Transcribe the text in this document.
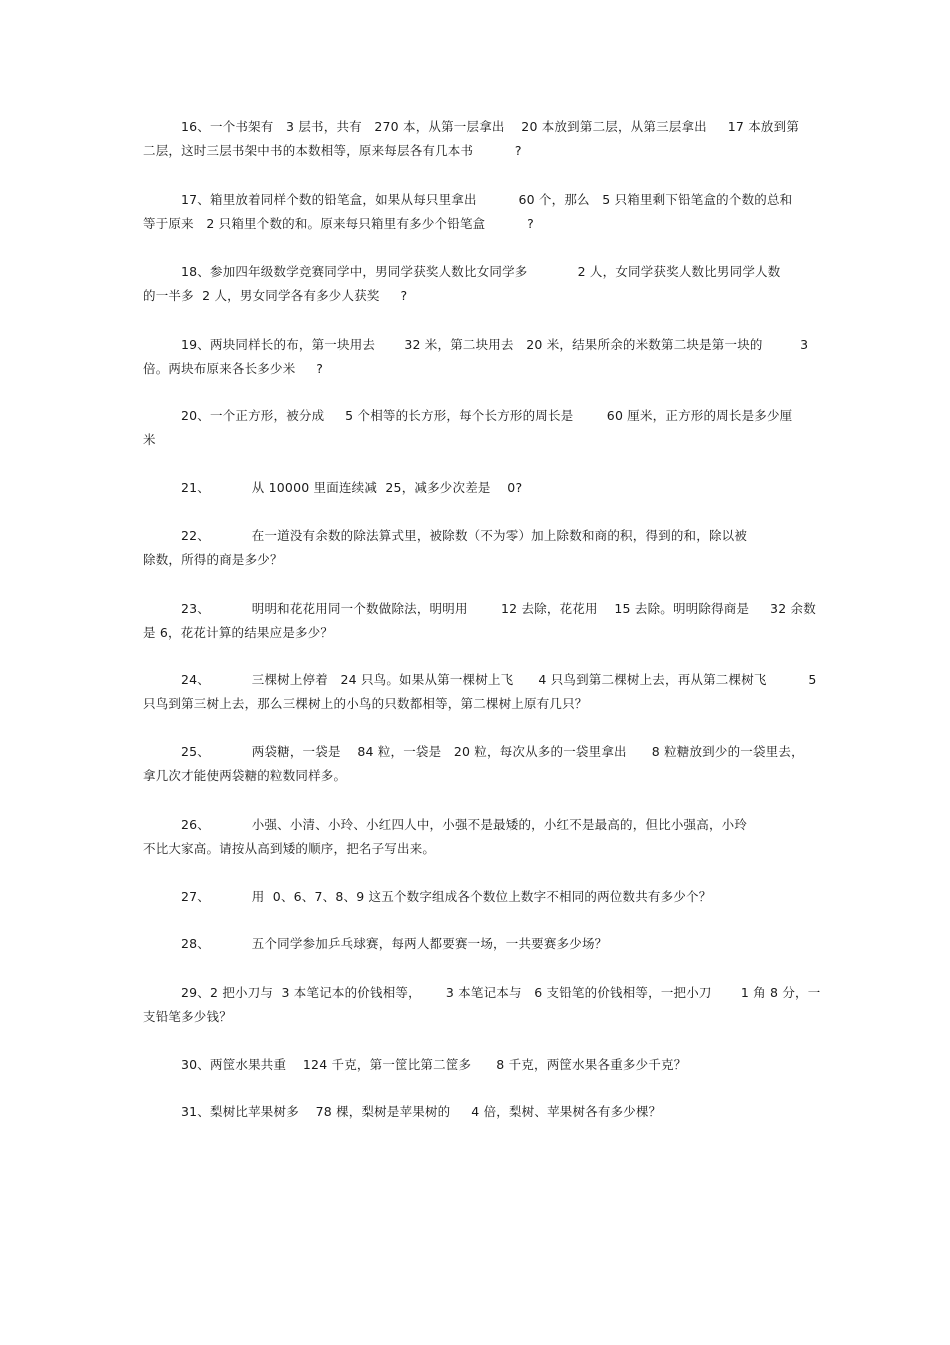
16、一个书架有   3 层书，共有   270 本，从第一层拿出    20 本放到第二层，从第三层拿出     17 本放到第
二层，这时三层书架中书的本数相等，原来每层各有几本书          ?
17、箱里放着同样个数的铅笔盒，如果从每只里拿出          60 个，那么   5 只箱里剩下铅笔盒的个数的总和
等于原来   2 只箱里个数的和。原来每只箱里有多少个铅笔盒          ?
18、参加四年级数学竞赛同学中，男同学获奖人数比女同学多            2 人，女同学获奖人数比男同学人数
的一半多  2 人，男女同学各有多少人获奖     ?
19、两块同样长的布，第一块用去       32 米，第二块用去   20 米，结果所余的米数第二块是第一块的         3
倍。两块布原来各长多少米     ?
20、一个正方形，被分成     5 个相等的长方形，每个长方形的周长是        60 厘米，正方形的周长是多少厘
米
21、          从 10000 里面连续减  25，减多少次差是    0?
22、          在一道没有余数的除法算式里，被除数（不为零）加上除数和商的积，得到的和，除以被
除数，所得的商是多少？
23、          明明和花花用同一个数做除法，明明用        12 去除，花花用    15 去除。明明除得商是     32 余数
是 6，花花计算的结果应是多少？
24、          三棵树上停着   24 只鸟。如果从第一棵树上飞      4 只鸟到第二棵树上去，再从第二棵树飞          5
只鸟到第三树上去，那么三棵树上的小鸟的只数都相等，第二棵树上原有几只？
25、          两袋糖，一袋是    84 粒，一袋是   20 粒，每次从多的一袋里拿出      8 粒糖放到少的一袋里去，
拿几次才能使两袋糖的粒数同样多。
26、          小强、小清、小玲、小红四人中，小强不是最矮的，小红不是最高的，但比小强高，小玲
不比大家高。请按从高到矮的顺序，把名子写出来。
27、          用  0、6、7、8、9 这五个数字组成各个数位上数字不相同的两位数共有多少个？
28、          五个同学参加乒乓球赛，每两人都要赛一场，一共要赛多少场？
29、2 把小刀与  3 本笔记本的价钱相等，      3 本笔记本与   6 支铅笔的价钱相等，一把小刀       1 角 8 分，一
支铅笔多少钱？
30、两筐水果共重    124 千克，第一筐比第二筐多      8 千克，两筐水果各重多少千克？
31、梨树比苹果树多    78 棵，梨树是苹果树的     4 倍，梨树、苹果树各有多少棵？
